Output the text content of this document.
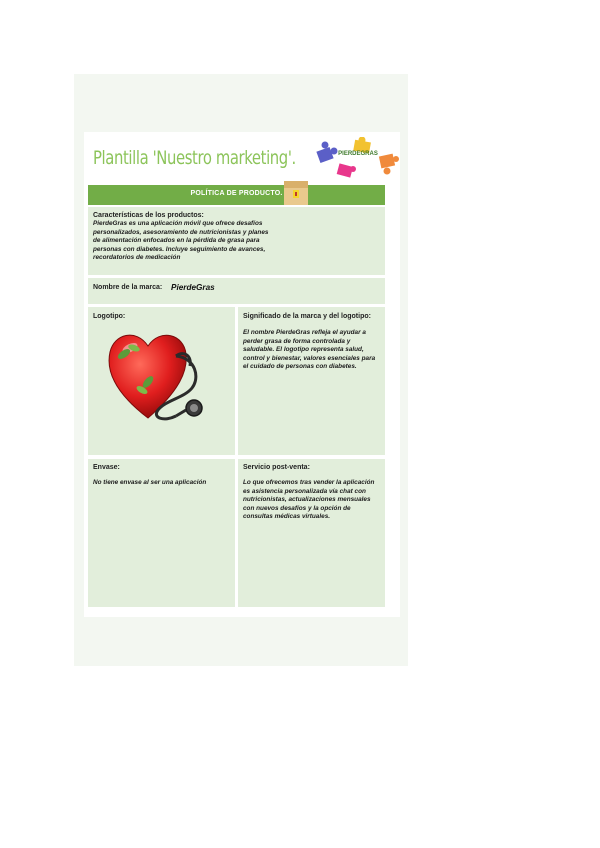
Plantilla 'Nuestro marketing'.	PIERDEGRAS
POLÍTICA DE PRODUCTO.
Características de los productos:
PierdeGras es una aplicación móvil que ofrece desafíos personalizados, asesoramiento de nutricionistas y planes de alimentación enfocados en la pérdida de grasa para personas con diabetes. Incluye seguimiento de avances, recordatorios de medicación
Nombre de la marca: PierdeGras
Logotipo:	Significado de la marca y del logotipo:
El nombre PierdeGras refleja el ayudar a perder grasa de forma controlada y saludable. El logotipo representa salud, control y bienestar, valores esenciales para el cuidado de personas con diabetes.
Envase:
No tiene envase al ser una aplicación
Servicio post-venta:
Lo que ofrecemos tras vender la aplicación es asistencia personalizada vía chat con nutricionistas, actualizaciones mensuales con nuevos desafíos y la opción de consultas médicas virtuales.
